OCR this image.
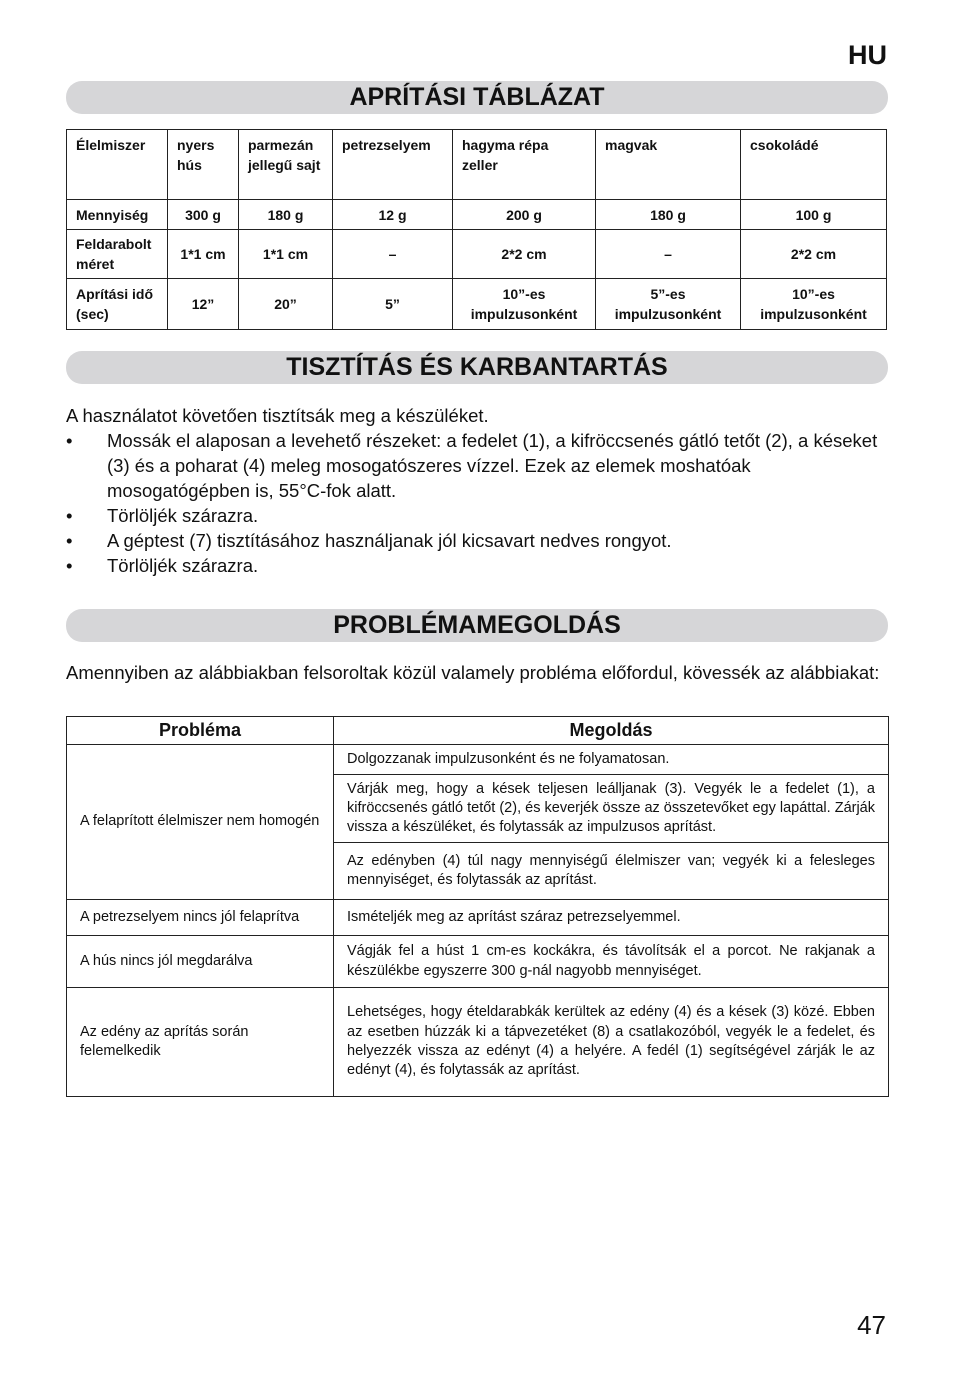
HU
APRÍTÁSI TÁBLÁZAT
Élelmiszer	nyers hús	parmezán jellegű sajt	petrezselyem	hagyma répa zeller	magvak	csokoládé
Mennyiség	300 g	180 g	12 g	200 g	180 g	100 g
Feldarabolt méret	1*1 cm	1*1 cm	–	2*2 cm	–	2*2 cm
Aprítási idő (sec)	12”	20”	5”	10”-es impulzusonként	5”-es impulzusonként	10”-es impulzusonként
TISZTÍTÁS ÉS KARBANTARTÁS

A használatot követően tisztítsák meg a készüléket.

• Mossák el alaposan a levehető részeket: a fedelet (1), a kifröccsenés gátló tetőt (2), a késeket (3) és a poharat (4) meleg mosogatószeres vízzel. Ezek az elemek moshatóak mosogatógépben is, 55°C-fok alatt.
• Törlöljék szárazra.
• A géptest (7) tisztításához használjanak jól kicsavart nedves rongyot.
• Törlöljék szárazra.
PROBLÉMAMEGOLDÁS
Amennyiben az alábbiakban felsoroltak közül valamely probléma előfordul, kövessék az alábbiakat:
Probléma	Megoldás
A felaprított élelmiszer nem homogén	Dolgozzanak impulzusonként és ne folyamatosan.
	Várják meg, hogy a kések teljesen leálljanak (3). Vegyék le a fedelet (1), a kifröccsenés gátló tetőt (2), és keverjék össze az összetevőket egy lapáttal. Zárják vissza a készüléket, és folytassák az impulzusos aprítást.
	Az edényben (4) túl nagy mennyiségű élelmiszer van; vegyék ki a felesleges mennyiséget, és folytassák az aprítást.
A petrezselyem nincs jól felaprítva	Ismételjék meg az aprítást száraz petrezselyemmel.
A hús nincs jól megdarálva	Vágják fel a húst 1 cm-es kockákra, és távolítsák el a porcot. Ne rakjanak a készülékbe egyszerre 300 g-nál nagyobb mennyiséget.
Az edény az aprítás során felemelkedik	Lehetséges, hogy ételdarabkák kerültek az edény (4) és a kések (3) közé. Ebben az esetben húzzák ki a tápvezetéket (8) a csatlakozóból, vegyék le a fedelet, és helyezzék vissza az edényt (4) a helyére. A fedél (1) segítségével zárják le az edényt (4), és folytassák az aprítást.
47
